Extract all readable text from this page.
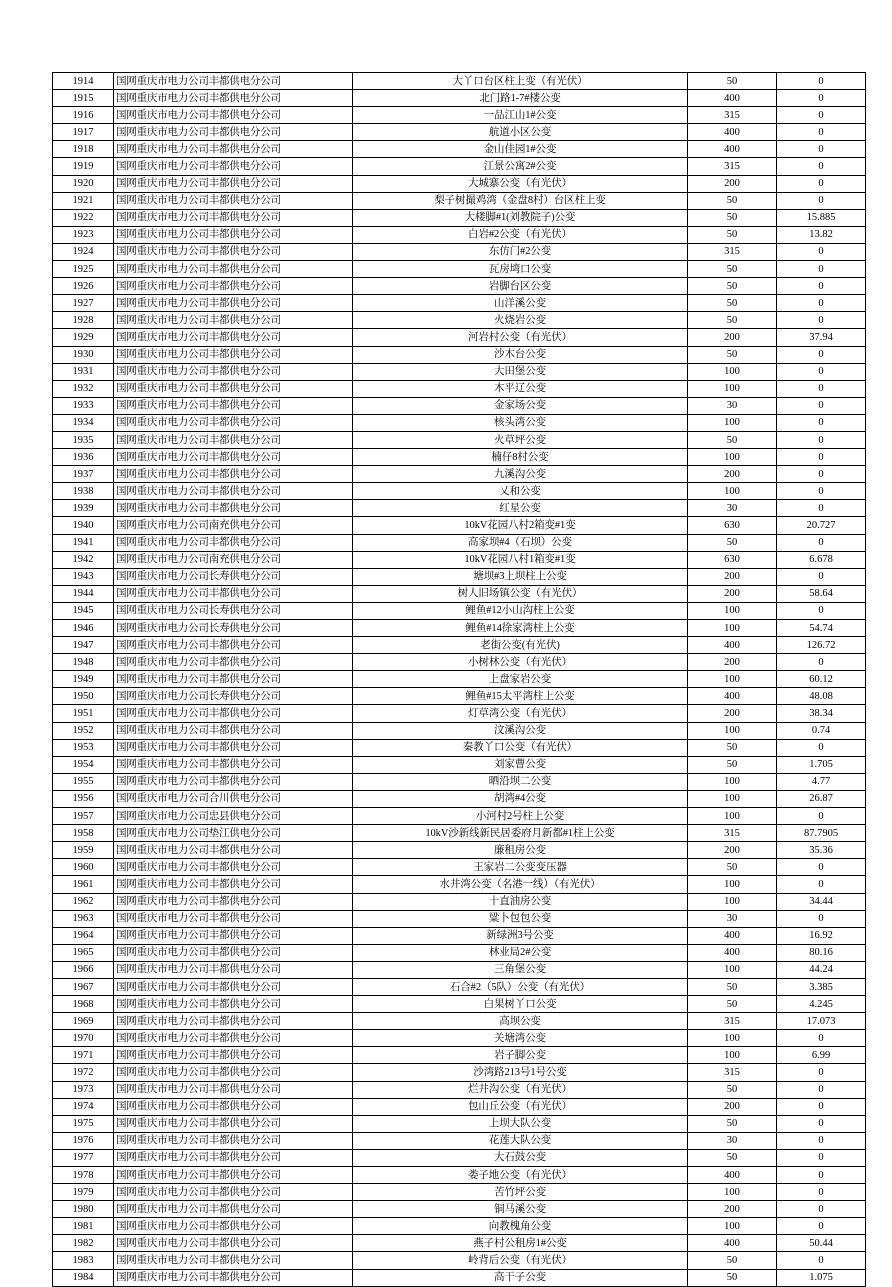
1914	国网重庆市电力公司丰都供电分公司	大丫口台区柱上变（有光伏）	50	0
1915	国网重庆市电力公司丰都供电分公司	北门路1-7#楼公变	400	0
1916	国网重庆市电力公司丰都供电分公司	一品江山1#公变	315	0
1917	国网重庆市电力公司丰都供电分公司	航道小区公变	400	0
1918	国网重庆市电力公司丰都供电分公司	金山佳园1#公变	400	0
1919	国网重庆市电力公司丰都供电分公司	江景公寓2#公变	315	0
1920	国网重庆市电力公司丰都供电分公司	大城寨公变（有光伏）	200	0
1921	国网重庆市电力公司丰都供电分公司	梨子树撮鸡湾（金盘8村）台区柱上变	50	0
1922	国网重庆市电力公司丰都供电分公司	大楼脚#1(刘教院子)公变	50	15.885
1923	国网重庆市电力公司丰都供电分公司	白岩#2公变（有光伏）	50	13.82
1924	国网重庆市电力公司丰都供电分公司	东仿门#2公变	315	0
1925	国网重庆市电力公司丰都供电分公司	瓦房塆口公变	50	0
1926	国网重庆市电力公司丰都供电分公司	岩脚台区公变	50	0
1927	国网重庆市电力公司丰都供电分公司	山洋溪公变	50	0
1928	国网重庆市电力公司丰都供电分公司	火烧岩公变	50	0
1929	国网重庆市电力公司丰都供电分公司	河岩村公变（有光伏）	200	37.94
1930	国网重庆市电力公司丰都供电分公司	沙木台公变	50	0
1931	国网重庆市电力公司丰都供电分公司	大田堡公变	100	0
1932	国网重庆市电力公司丰都供电分公司	木平辽公变	100	0
1933	国网重庆市电力公司丰都供电分公司	金家场公变	30	0
1934	国网重庆市电力公司丰都供电分公司	核头湾公变	100	0
1935	国网重庆市电力公司丰都供电分公司	火草坪公变	50	0
1936	国网重庆市电力公司丰都供电分公司	楠仔8村公变	100	0
1937	国网重庆市电力公司丰都供电分公司	九溪沟公变	200	0
1938	国网重庆市电力公司丰都供电分公司	乂和公变	100	0
1939	国网重庆市电力公司丰都供电分公司	红星公变	30	0
1940	国网重庆市电力公司南充供电分公司	10kV花园八村2箱变#1变	630	20.727
1941	国网重庆市电力公司丰都供电分公司	高家坝#4（石坝）公变	50	0
1942	国网重庆市电力公司南充供电分公司	10kV花园八村1箱变#1变	630	6.678
1943	国网重庆市电力公司长寿供电分公司	塘坝#3上坝柱上公变	200	0
1944	国网重庆市电力公司丰都供电分公司	树人旧场镇公变（有光伏）	200	58.64
1945	国网重庆市电力公司长寿供电分公司	鲤鱼#12小山沟柱上公变	100	0
1946	国网重庆市电力公司长寿供电分公司	鲤鱼#14徐家湾柱上公变	100	54.74
1947	国网重庆市电力公司丰都供电分公司	老街公变(有光伏)	400	126.72
1948	国网重庆市电力公司丰都供电分公司	小树林公变（有光伏）	200	0
1949	国网重庆市电力公司丰都供电分公司	上盘家岩公变	100	60.12
1950	国网重庆市电力公司长寿供电分公司	鲤鱼#15太平湾柱上公变	400	48.08
1951	国网重庆市电力公司丰都供电分公司	灯草湾公变（有光伏）	200	38.34
1952	国网重庆市电力公司丰都供电分公司	汶溪沟公变	100	0.74
1953	国网重庆市电力公司丰都供电分公司	秦教丫口公变（有光伏）	50	0
1954	国网重庆市电力公司丰都供电分公司	刘家曹公变	50	1.705
1955	国网重庆市电力公司丰都供电分公司	晒沿坝二公变	100	4.77
1956	国网重庆市电力公司合川供电分公司	胡湾#4公变	100	26.87
1957	国网重庆市电力公司忠县供电分公司	小河村2号柱上公变	100	0
1958	国网重庆市电力公司垫江供电分公司	10kV沙新线新民居委府月新都#1柱上公变	315	87.7905
1959	国网重庆市电力公司丰都供电分公司	廉租房公变	200	35.36
1960	国网重庆市电力公司丰都供电分公司	王家岩二公变变压器	50	0
1961	国网重庆市电力公司丰都供电分公司	水井湾公变（名港一线）（有光伏）	100	0
1962	国网重庆市电力公司丰都供电分公司	十直油房公变	100	34.44
1963	国网重庆市电力公司丰都供电分公司	粱卜包包公变	30	0
1964	国网重庆市电力公司丰都供电分公司	新绿洲3号公变	400	16.92
1965	国网重庆市电力公司丰都供电分公司	林业局2#公变	400	80.16
1966	国网重庆市电力公司丰都供电分公司	三角堡公变	100	44.24
1967	国网重庆市电力公司丰都供电分公司	石合#2（5队）公变（有光伏）	50	3.385
1968	国网重庆市电力公司丰都供电分公司	白果树丫口公变	50	4.245
1969	国网重庆市电力公司丰都供电分公司	高坝公变	315	17.073
1970	国网重庆市电力公司丰都供电分公司	关塘湾公变	100	0
1971	国网重庆市电力公司丰都供电分公司	岩子脚公变	100	6.99
1972	国网重庆市电力公司丰都供电分公司	沙湾路213号1号公变	315	0
1973	国网重庆市电力公司丰都供电分公司	烂井沟公变（有光伏）	50	0
1974	国网重庆市电力公司丰都供电分公司	包山丘公变（有光伏）	200	0
1975	国网重庆市电力公司丰都供电分公司	上坝大队公变	50	0
1976	国网重庆市电力公司丰都供电分公司	花莲大队公变	30	0
1977	国网重庆市电力公司丰都供电分公司	大石鼓公变	50	0
1978	国网重庆市电力公司丰都供电分公司	娄子地公变（有光伏）	400	0
1979	国网重庆市电力公司丰都供电分公司	苦竹坪公变	100	0
1980	国网重庆市电力公司丰都供电分公司	铜马溪公变	200	0
1981	国网重庆市电力公司丰都供电分公司	向教槐角公变	100	0
1982	国网重庆市电力公司丰都供电分公司	燕子村公租房1#公变	400	50.44
1983	国网重庆市电力公司丰都供电分公司	岭背后公变（有光伏）	50	0
1984	国网重庆市电力公司丰都供电分公司	高干子公变	50	1.075
